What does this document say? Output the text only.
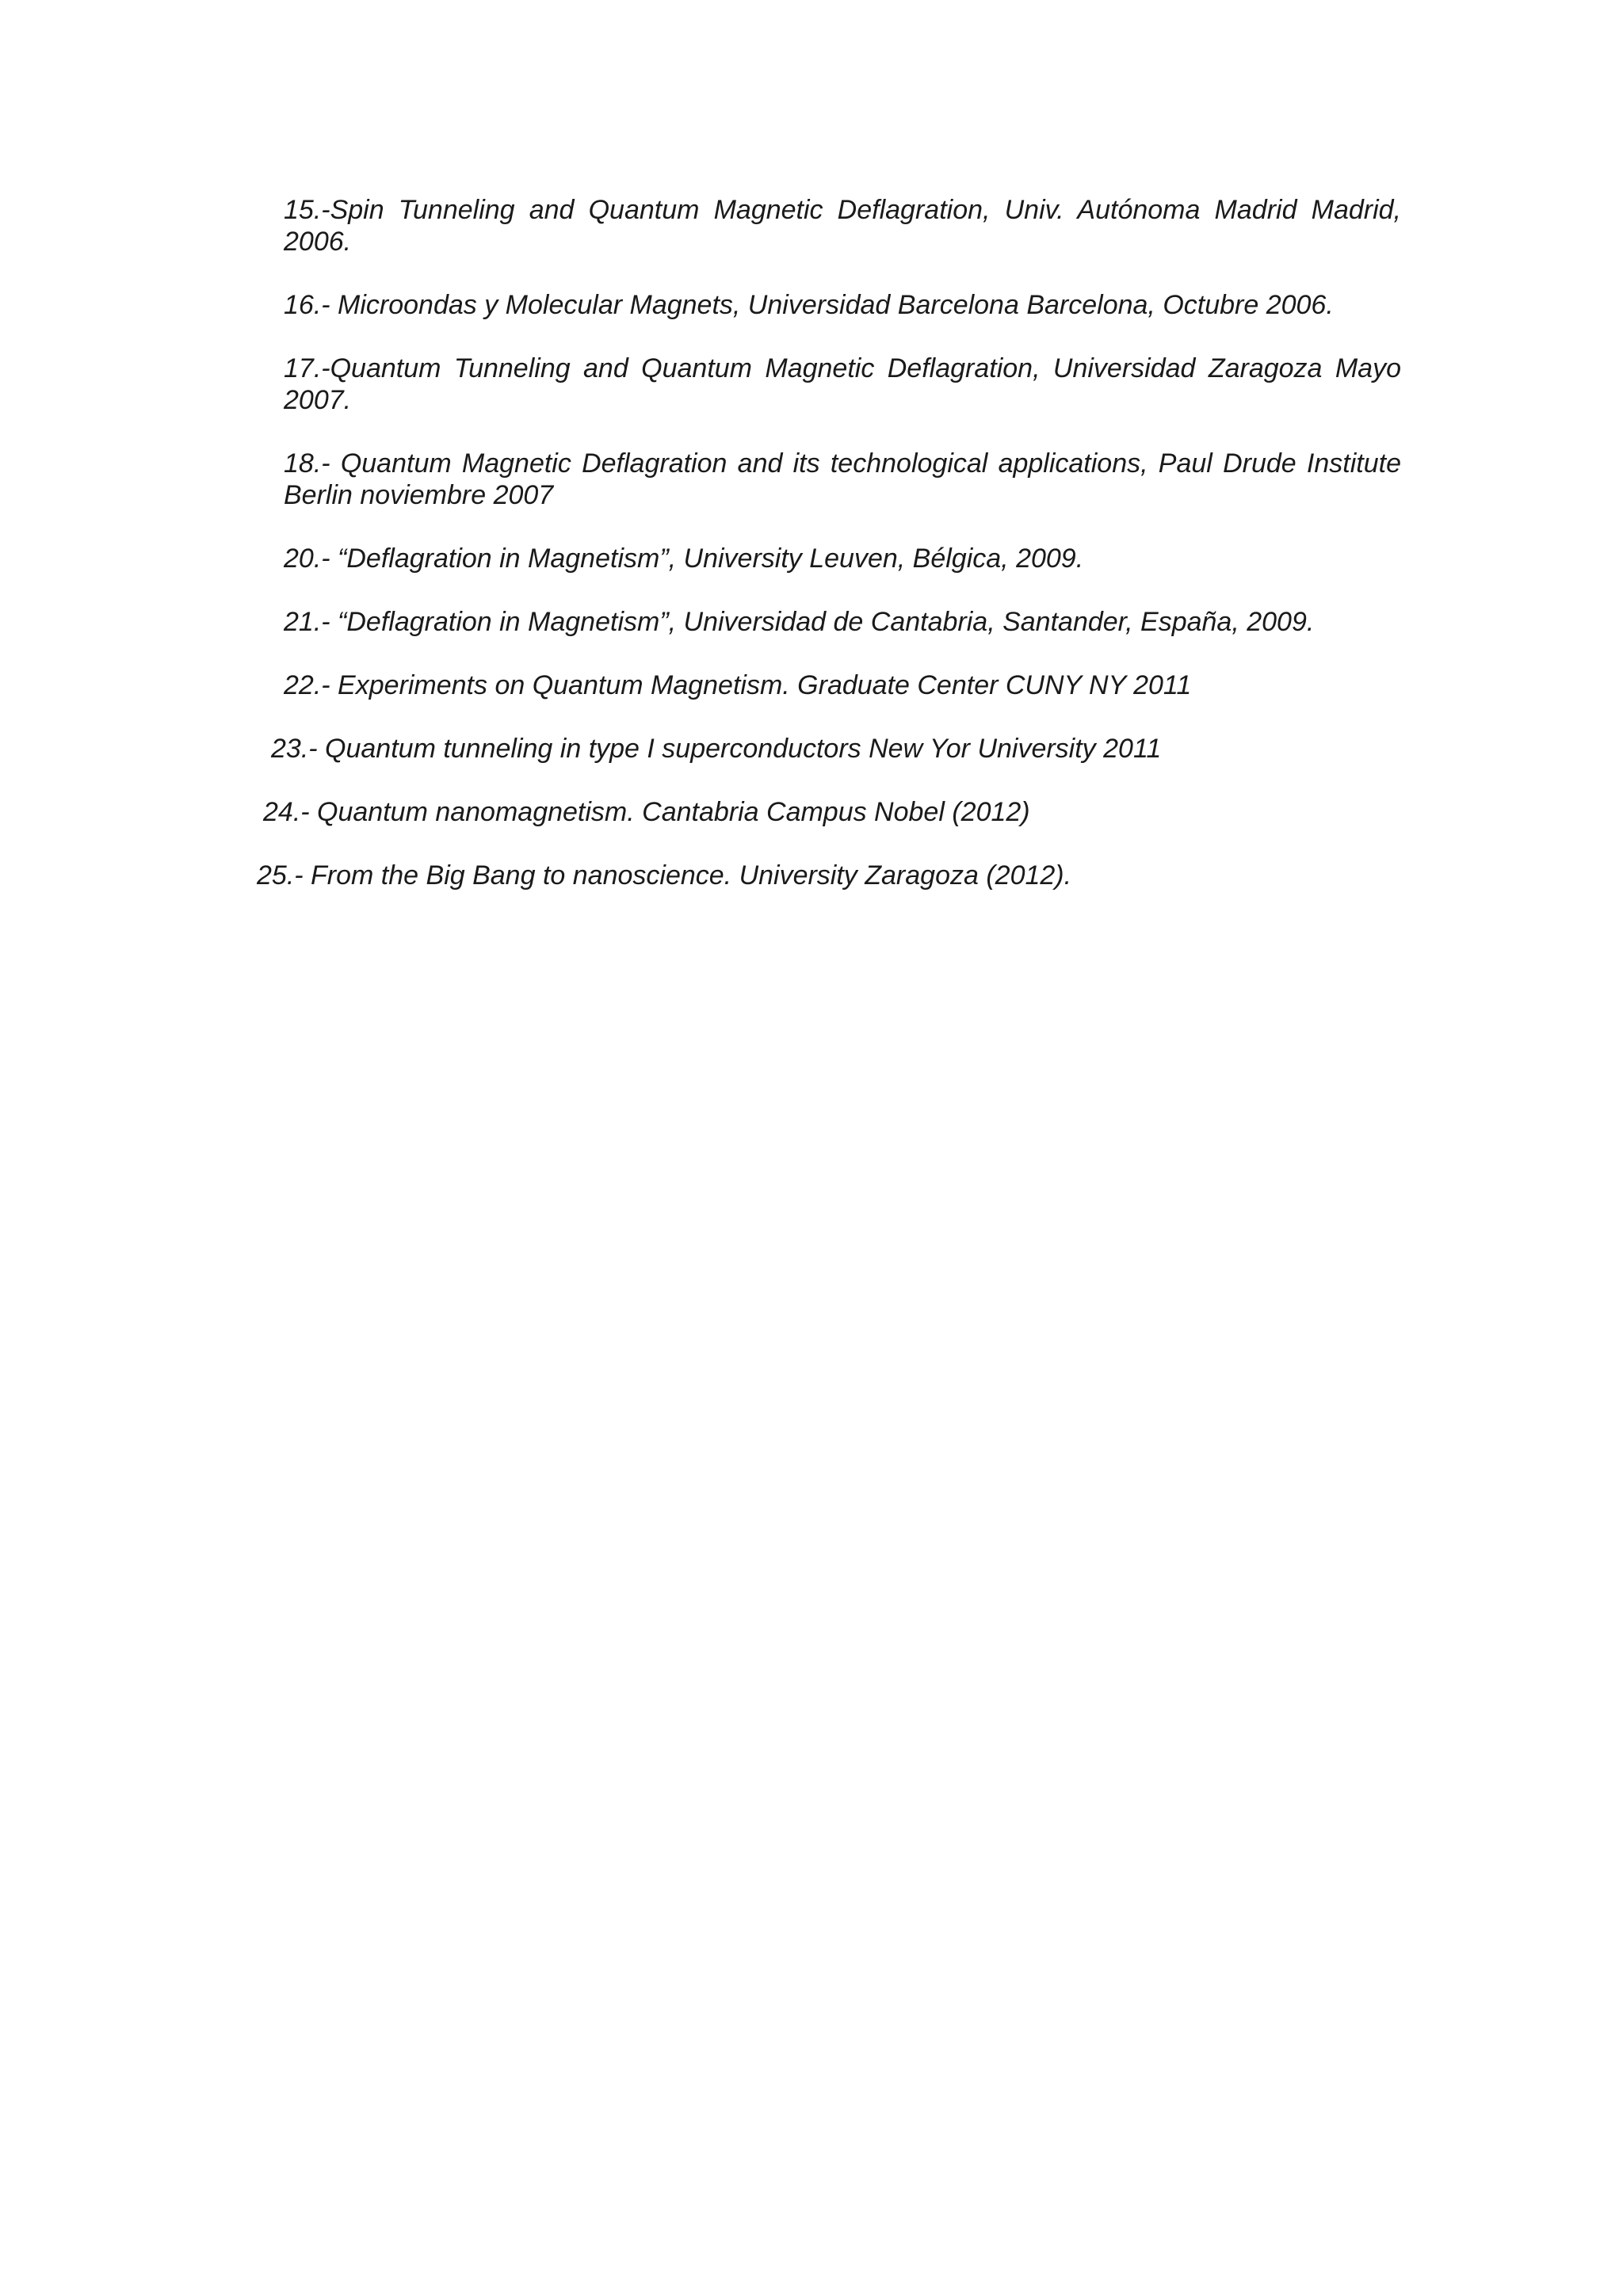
15.-Spin Tunneling and Quantum Magnetic Deflagration, Univ. Autónoma Madrid Madrid, 2006.

16.- Microondas y Molecular Magnets, Universidad Barcelona Barcelona, Octubre 2006.

17.-Quantum Tunneling and Quantum Magnetic Deflagration, Universidad Zaragoza Mayo 2007.

18.- Quantum Magnetic Deflagration and its technological applications, Paul Drude Institute Berlin noviembre 2007

20.- “Deflagration in Magnetism”, University Leuven, Bélgica, 2009.

21.- “Deflagration in Magnetism”, Universidad de Cantabria, Santander, España, 2009.

22.- Experiments on Quantum Magnetism. Graduate Center CUNY NY 2011

23.- Quantum tunneling in type I superconductors New Yor University 2011

24.- Quantum nanomagnetism. Cantabria Campus Nobel (2012)

25.- From the Big Bang to nanoscience. University Zaragoza (2012).
